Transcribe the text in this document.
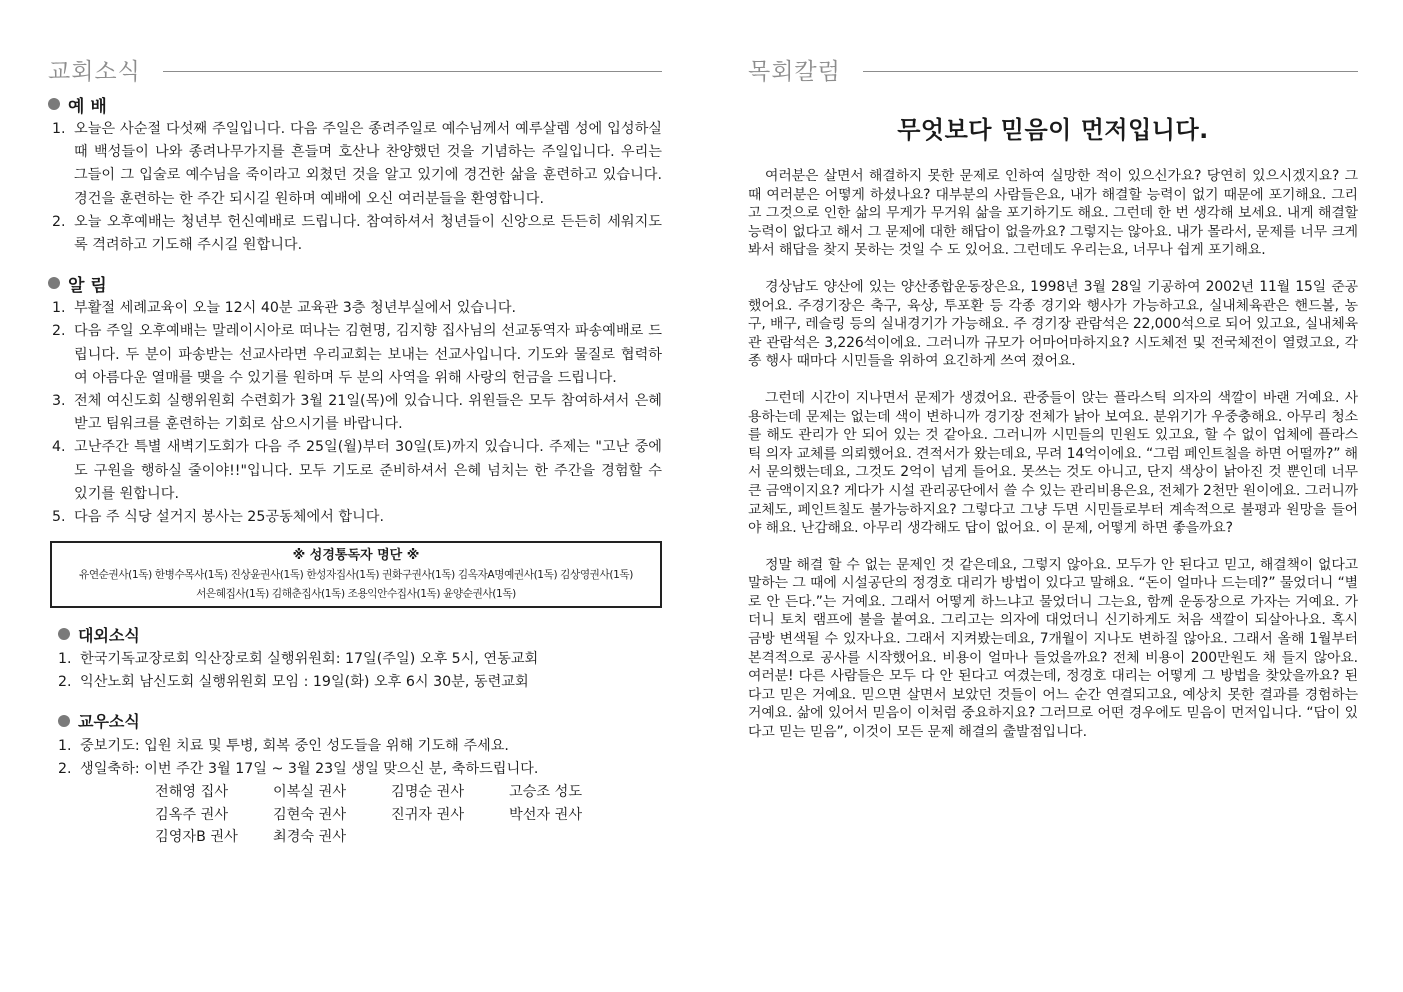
교회소식
예 배
1. 오늘은 사순절 다섯째 주일입니다. 다음 주일은 종려주일로 예수님께서 예루살렘 성에 입성하실 때 백성들이 나와 종려나무가지를 흔들며 호산나 찬양했던 것을 기념하는 주일입니다. 우리는 그들이 그 입술로 예수님을 죽이라고 외쳤던 것을 알고 있기에 경건한 삶을 훈련하고 있습니다. 경건을 훈련하는 한 주간 되시길 원하며 예배에 오신 여러분들을 환영합니다.
2. 오늘 오후예배는 청년부 헌신예배로 드립니다. 참여하셔서 청년들이 신앙으로 든든히 세워지도록 격려하고 기도해 주시길 원합니다.
알 림
1. 부활절 세례교육이 오늘 12시 40분 교육관 3층 청년부실에서 있습니다.
2. 다음 주일 오후예배는 말레이시아로 떠나는 김현명, 김지향 집사님의 선교동역자 파송예배로 드립니다. 두 분이 파송받는 선교사라면 우리교회는 보내는 선교사입니다. 기도와 물질로 협력하여 아름다운 열매를 맺을 수 있기를 원하며 두 분의 사역을 위해 사랑의 헌금을 드립니다.
3. 전체 여신도회 실행위원회 수련회가 3월 21일(목)에 있습니다. 위원들은 모두 참여하셔서 은혜받고 팀워크를 훈련하는 기회로 삼으시기를 바랍니다.
4. 고난주간 특별 새벽기도회가 다음 주 25일(월)부터 30일(토)까지 있습니다. 주제는 "고난 중에도 구원을 행하실 줄이야!!"입니다. 모두 기도로 준비하셔서 은혜 넘치는 한 주간을 경험할 수 있기를 원합니다.
5. 다음 주 식당 설거지 봉사는 25공동체에서 합니다.
※ 성경통독자 명단 ※
유연순권사(1독) 한병수목사(1독) 진상윤권사(1독) 한성자집사(1독) 권화구권사(1독) 김옥자A명예권사(1독) 김상영권사(1독)
서은혜집사(1독) 김해춘집사(1독) 조용익안수집사(1독) 윤양순권사(1독)
대외소식
1. 한국기독교장로회 익산장로회 실행위원회: 17일(주일) 오후 5시, 연동교회
2. 익산노회 남신도회 실행위원회 모임 : 19일(화) 오후 6시 30분, 동련교회
교우소식
1. 중보기도: 입원 치료 및 투병, 회복 중인 성도들을 위해 기도해 주세요.
2. 생일축하: 이번 주간 3월 17일 ~ 3월 23일 생일 맞으신 분, 축하드립니다.
전해영 집사	이복실 권사	김명순 권사	고승조 성도
김옥주 권사	김현숙 권사	진귀자 권사	박선자 권사
김영자B 권사	최경숙 권사
목회칼럼
무엇보다 믿음이 먼저입니다.

여러분은 살면서 해결하지 못한 문제로 인하여 실망한 적이 있으신가요? 당연히 있으시겠지요? 그 때 여러분은 어떻게 하셨나요? 대부분의 사람들은요, 내가 해결할 능력이 없기 때문에 포기해요. 그리고 그것으로 인한 삶의 무게가 무거워 삶을 포기하기도 해요. 그런데 한 번 생각해 보세요. 내게 해결할 능력이 없다고 해서 그 문제에 대한 해답이 없을까요? 그렇지는 않아요. 내가 몰라서, 문제를 너무 크게 봐서 해답을 찾지 못하는 것일 수 도 있어요. 그런데도 우리는요, 너무나 쉽게 포기해요.

경상남도 양산에 있는 양산종합운동장은요, 1998년 3월 28일 기공하여 2002년 11월 15일 준공했어요. 주경기장은 축구, 육상, 투포환 등 각종 경기와 행사가 가능하고요, 실내체육관은 핸드볼, 농구, 배구, 레슬링 등의 실내경기가 가능해요. 주 경기장 관람석은 22,000석으로 되어 있고요, 실내체육관 관람석은 3,226석이에요. 그러니까 규모가 어마어마하지요? 시도체전 및 전국체전이 열렸고요, 각종 행사 때마다 시민들을 위하여 요긴하게 쓰여 졌어요.

그런데 시간이 지나면서 문제가 생겼어요. 관중들이 앉는 플라스틱 의자의 색깔이 바랜 거예요. 사용하는데 문제는 없는데 색이 변하니까 경기장 전체가 낡아 보여요. 분위기가 우중충해요. 아무리 청소를 해도 관리가 안 되어 있는 것 같아요. 그러니까 시민들의 민원도 있고요, 할 수 없이 업체에 플라스틱 의자 교체를 의뢰했어요. 견적서가 왔는데요, 무려 14억이에요. “그럼 페인트칠을 하면 어떨까?” 해서 문의했는데요, 그것도 2억이 넘게 들어요. 못쓰는 것도 아니고, 단지 색상이 낡아진 것 뿐인데 너무 큰 금액이지요? 게다가 시설 관리공단에서 쓸 수 있는 관리비용은요, 전체가 2천만 원이에요. 그러니까 교체도, 페인트칠도 불가능하지요? 그렇다고 그냥 두면 시민들로부터 계속적으로 불평과 원망을 들어야 해요. 난감해요. 아무리 생각해도 답이 없어요. 이 문제, 어떻게 하면 좋을까요?

정말 해결 할 수 없는 문제인 것 같은데요, 그렇지 않아요. 모두가 안 된다고 믿고, 해결책이 없다고 말하는 그 때에 시설공단의 정경호 대리가 방법이 있다고 말해요. “돈이 얼마나 드는데?” 물었더니 “별로 안 든다.”는 거예요. 그래서 어떻게 하느냐고 물었더니 그는요, 함께 운동장으로 가자는 거예요. 가더니 토치 램프에 불을 붙여요. 그리고는 의자에 대었더니 신기하게도 처음 색깔이 되살아나요. 혹시 금방 변색될 수 있자나요. 그래서 지켜봤는데요, 7개월이 지나도 변하질 않아요. 그래서 올해 1월부터 본격적으로 공사를 시작했어요. 비용이 얼마나 들었을까요? 전체 비용이 200만원도 채 들지 않아요. 여러분! 다른 사람들은 모두 다 안 된다고 여겼는데, 정경호 대리는 어떻게 그 방법을 찾았을까요? 된다고 믿은 거예요. 믿으면 살면서 보았던 것들이 어느 순간 연결되고요, 예상치 못한 결과를 경험하는 거예요. 삶에 있어서 믿음이 이처럼 중요하지요? 그러므로 어떤 경우에도 믿음이 먼저입니다. “답이 있다고 믿는 믿음”, 이것이 모든 문제 해결의 출발점입니다.
